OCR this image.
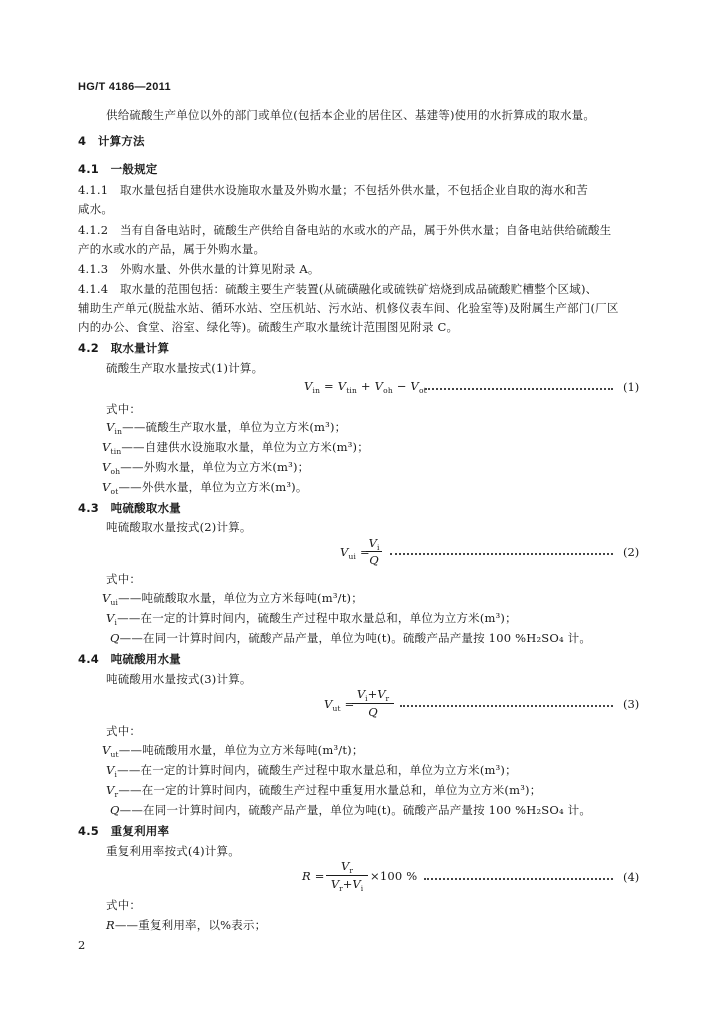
HG/T 4186—2011
供给硫酸生产单位以外的部门或单位(包括本企业的居住区、基建等)使用的水折算成的取水量。
4　计算方法
4.1　一般规定
4.1.1　取水量包括自建供水设施取水量及外购水量；不包括外供水量，不包括企业自取的海水和苦
咸水。
4.1.2　当有自备电站时，硫酸生产供给自备电站的水或水的产品，属于外供水量；自备电站供给硫酸生
产的水或水的产品，属于外购水量。
4.1.3　外购水量、外供水量的计算见附录 A。
4.1.4　取水量的范围包括：硫酸主要生产装置(从硫磺融化或硫铁矿焙烧到成品硫酸贮槽整个区域)、
辅助生产单元(脱盐水站、循环水站、空压机站、污水站、机修仪表车间、化验室等)及附属生产部门(厂区
内的办公、食堂、浴室、绿化等)。硫酸生产取水量统计范围图见附录 C。
4.2　取水量计算
硫酸生产取水量按式(1)计算。
$V_{in} = V_{tin} + V_{oh} - V_{ot}$	(1)
式中：
$V_{in}——$硫酸生产取水量，单位为立方米(m³)；
$V_{tin}——$自建供水设施取水量，单位为立方米(m³)；
$V_{oh}——$外购水量，单位为立方米(m³)；
$V_{ot}——$外供水量，单位为立方米(m³)。
4.3　吨硫酸取水量
吨硫酸取水量按式(2)计算。
$V_{ui}$ =
$V_i$
Q
(2)
式中：
$V_{ui}——$吨硫酸取水量，单位为立方米每吨(m³/t)；
$V_i——$在一定的计算时间内，硫酸生产过程中取水量总和，单位为立方米(m³)；
Q——在同一计算时间内，硫酸产品产量，单位为吨(t)。硫酸产品产量按 100 %H₂SO₄ 计。
4.4　吨硫酸用水量
吨硫酸用水量按式(3)计算。
$V_{ut}$ =
$V_i+V_r$
Q
(3)
式中：
$V_{ut}——$吨硫酸用水量，单位为立方米每吨(m³/t)；
$V_i——$在一定的计算时间内，硫酸生产过程中取水量总和，单位为立方米(m³)；
$V_r——$在一定的计算时间内，硫酸生产过程中重复用水量总和，单位为立方米(m³)；
Q——在同一计算时间内，硫酸产品产量，单位为吨(t)。硫酸产品产量按 100 %H₂SO₄ 计。
4.5　重复利用率
重复利用率按式(4)计算。
R =
$V_r$
$V_r+V_i$
×100 %	(4)
式中：
R——重复利用率，以%表示；
2
